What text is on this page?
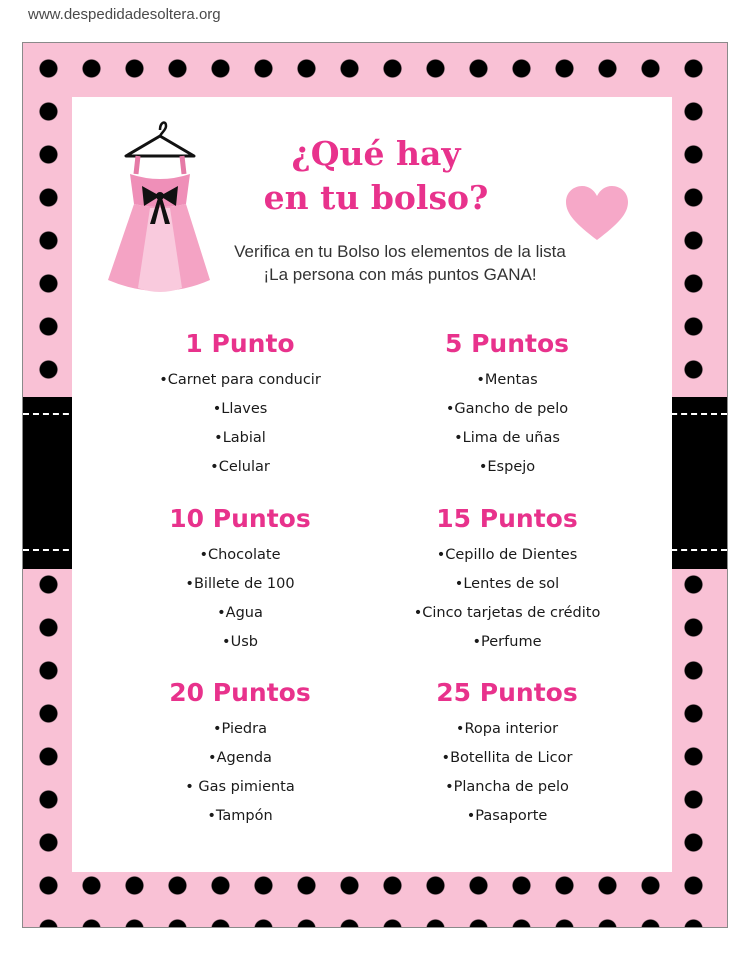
www.despedidadesoltera.org
¿Qué hay
en tu bolso?
Verifica en tu Bolso los elementos de la lista
¡La persona con más puntos GANA!
1 Punto
•Carnet para conducir
•Llaves
•Labial
•Celular
5 Puntos
•Mentas
•Gancho de pelo
•Lima de uñas
•Espejo
10 Puntos
•Chocolate
•Billete de 100
•Agua
•Usb
15 Puntos
•Cepillo de Dientes
•Lentes de sol
•Cinco tarjetas de crédito
•Perfume
20 Puntos
•Piedra
•Agenda
• Gas pimienta
•Tampón
25 Puntos
•Ropa interior
•Botellita de Licor
•Plancha de pelo
•Pasaporte
